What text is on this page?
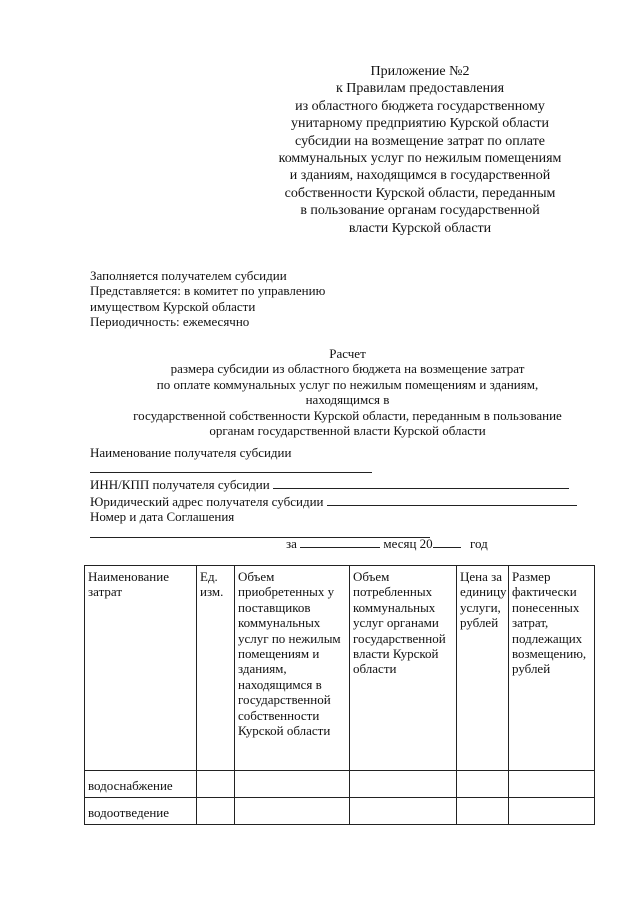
Приложение №2
к Правилам предоставления
из областного бюджета государственному
унитарному предприятию Курской области
субсидии на возмещение затрат по оплате
коммунальных услуг по нежилым помещениям
и зданиям, находящимся в государственной
собственности Курской области, переданным
в пользование органам государственной
власти Курской области
Заполняется получателем субсидии
Представляется: в комитет по управлению
имуществом Курской области
Периодичность: ежемесячно
Расчет
размера субсидии из областного бюджета на возмещение затрат
по оплате коммунальных услуг по нежилым помещениям и зданиям,
находящимся в
государственной собственности Курской области, переданным в пользование
органам государственной власти Курской области
Наименование получателя субсидии
ИНН/КПП получателя субсидии
Юридический адрес получателя субсидии
Номер и дата Соглашения
за	месяц 20	год
Наименование затрат	Ед. изм.	Объем приобретенных у поставщиков коммунальных услуг по нежилым помещениям и зданиям, находящимся в государственной собственности Курской области	Объем потребленных коммунальных услуг органами государственной власти Курской области	Цена за единицу услуги, рублей	Размер фактически понесенных затрат, подлежащих возмещению, рублей
водоснабжение					
водоотведение					
